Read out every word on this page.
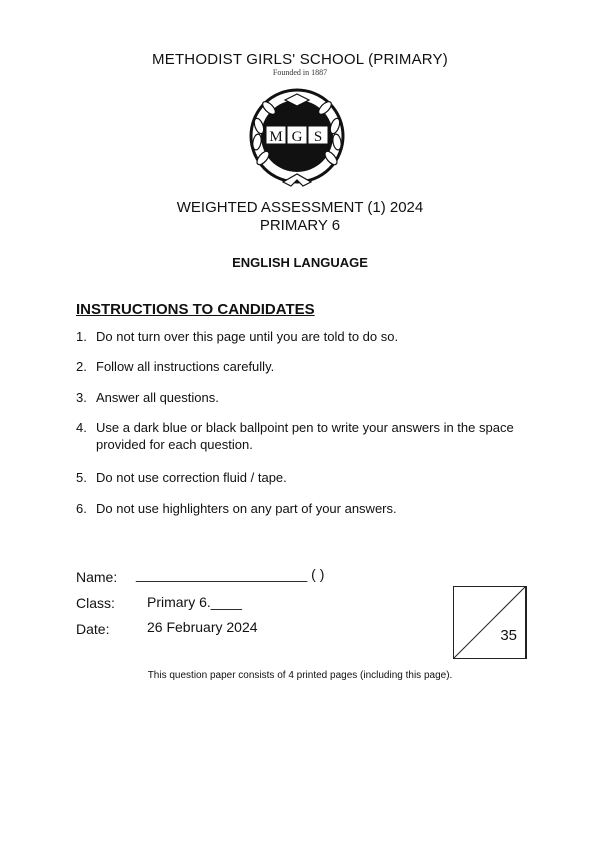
METHODIST GIRLS' SCHOOL (PRIMARY)
Founded in 1887
M G S
WEIGHTED ASSESSMENT (1) 2024
PRIMARY 6
ENGLISH LANGUAGE
INSTRUCTIONS TO CANDIDATES
1. Do not turn over this page until you are told to do so.
2. Follow all instructions carefully.
3. Answer all questions.
4. Use a dark blue or black ballpoint pen to write your answers in the space provided for each question.
5. Do not use correction fluid / tape.
6. Do not use highlighters on any part of your answers.
Name: ______________________ ( )
Class: Primary 6.____
Date:	26 February 2024	35
This question paper consists of 4 printed pages (including this page).
